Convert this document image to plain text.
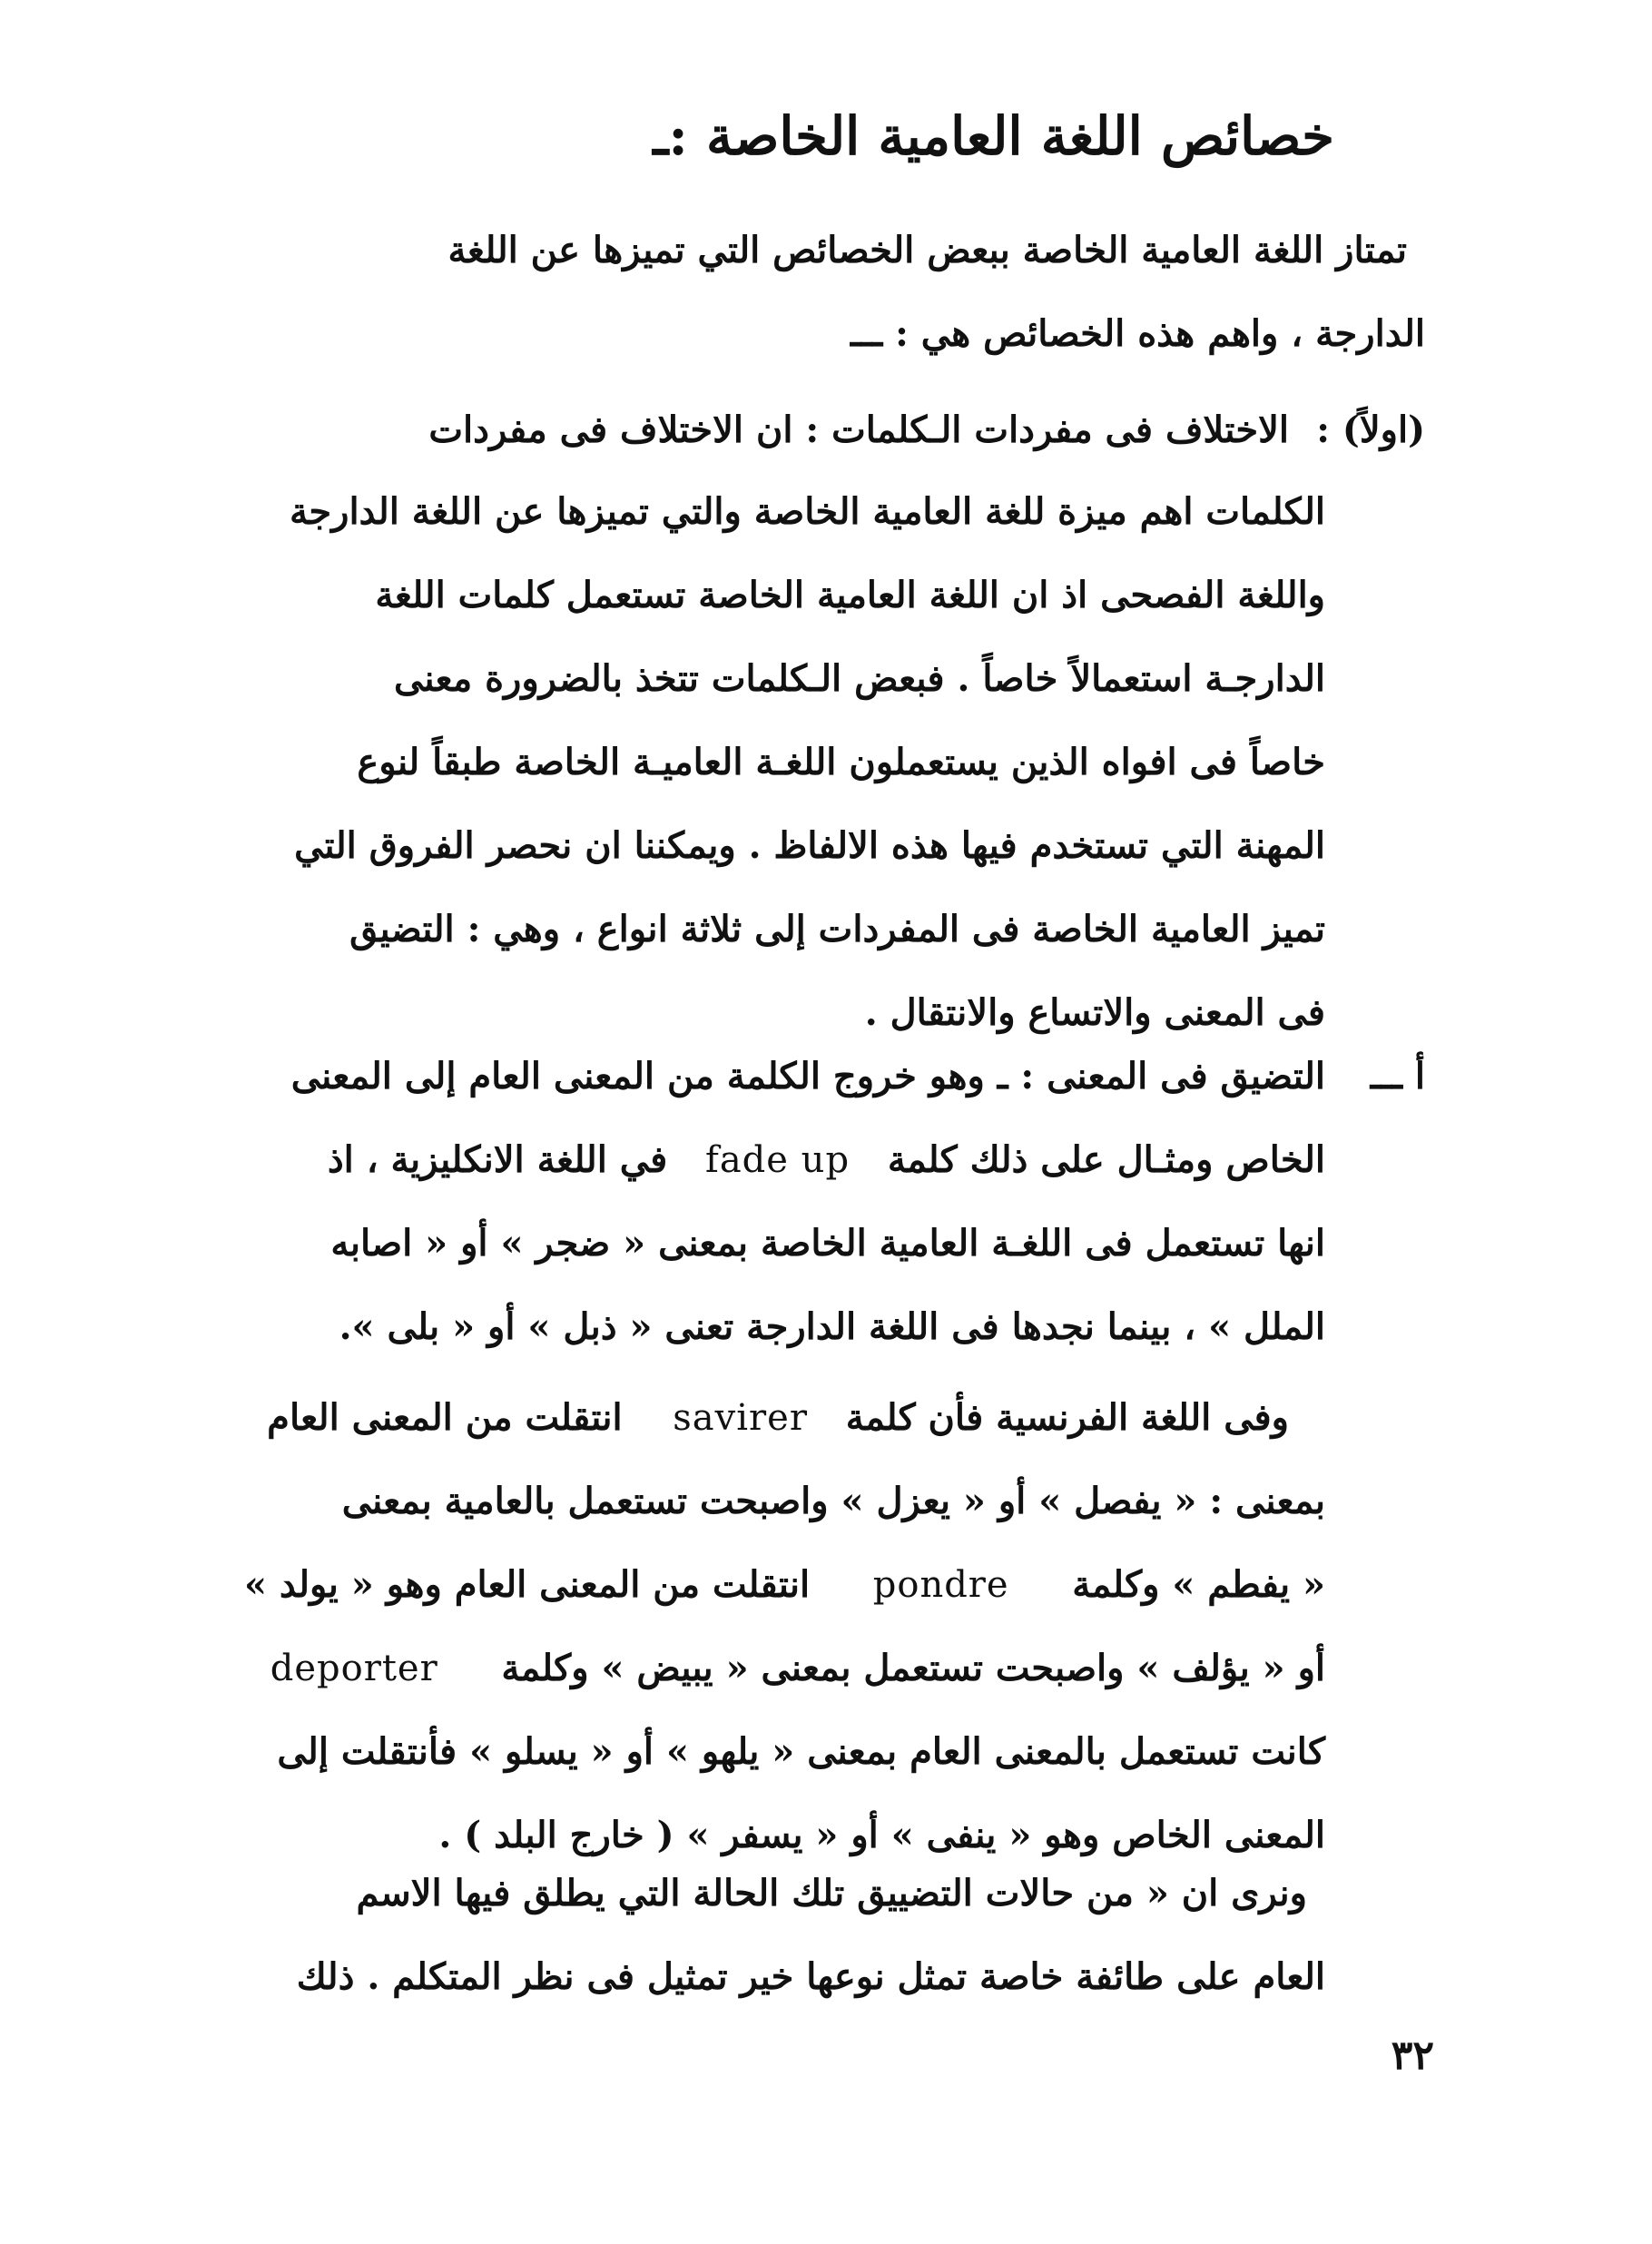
خصائص اللغة العامية الخاصة :ـ
تمتاز اللغة العامية الخاصة ببعض الخصائص التي تميزها عن اللغة
الدارجة ، واهم هذه الخصائص هي : ـــ
(اولاً) :
الاختلاف فى مفردات الـكلمات : ان الاختلاف فى مفردات
الكلمات اهم ميزة للغة العامية الخاصة والتي تميزها عن اللغة الدارجة
واللغة الفصحى اذ ان اللغة العامية الخاصة تستعمل كلمات اللغة
الدارجـة استعمالاً خاصاً . فبعض الـكلمات تتخذ بالضرورة معنى
خاصاً فى افواه الذين يستعملون اللغـة العاميـة الخاصة طبقاً لنوع
المهنة التي تستخدم فيها هذه الالفاظ . ويمكننا ان نحصر الفروق التي
تميز العامية الخاصة فى المفردات إلى ثلاثة انواع ، وهي : التضيق
فى المعنى والاتساع والانتقال .
أ ـــ
التضيق فى المعنى : ـ وهو خروج الكلمة من المعنى العام إلى المعنى
الخاص ومثـال على ذلك كلمة   fade up   في اللغة الانكليزية ، اذ
انها تستعمل فى اللغـة العامية الخاصة بمعنى « ضجر » أو « اصابه
الملل » ، بينما نجدها فى اللغة الدارجة تعنى « ذبل » أو « بلى ».
وفى اللغة الفرنسية فأن كلمة   savirer    انتقلت من المعنى العام
بمعنى : « يفصل » أو « يعزل » واصبحت تستعمل بالعامية بمعنى
« يفطم » وكلمة     pondre     انتقلت من المعنى العام وهو « يولد »
أو « يؤلف » واصبحت تستعمل بمعنى « يبيض » وكلمة     deporter
كانت تستعمل بالمعنى العام بمعنى « يلهو » أو « يسلو » فأنتقلت إلى
المعنى الخاص وهو « ينفى » أو « يسفر » ( خارج البلد ) .
ونرى ان « من حالات التضييق تلك الحالة التي يطلق فيها الاسم
العام على طائفة خاصة تمثل نوعها خير تمثيل فى نظر المتكلم . ذلك
٣٢
